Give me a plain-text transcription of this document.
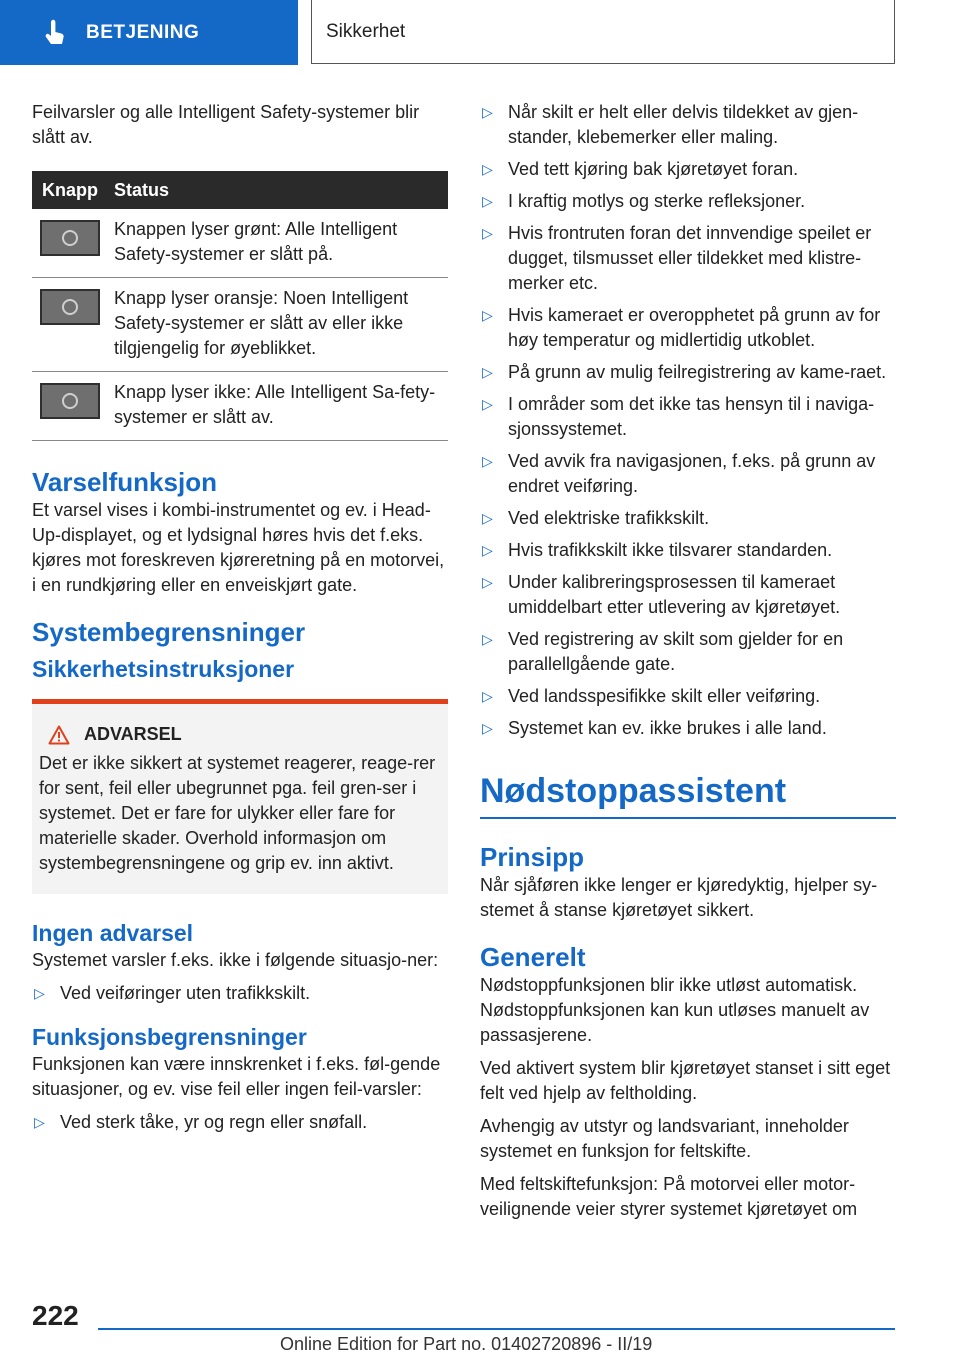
BETJENING	Sikkerhet

Feilvarsler og alle Intelligent Safety-systemer blir slått av.

Knapp	Status

	Knappen lyser grønt: Alle Intelligent Safety-systemer er slått på.

	Knapp lyser oransje: Noen Intelligent Safety-systemer er slått av eller ikke tilgjengelig for øyeblikket.

	Knapp lyser ikke: Alle Intelligent Sa-fety-systemer er slått av.
Varselfunksjon

Et varsel vises i kombi-instrumentet og ev. i Head-Up-displayet, og et lydsignal høres hvis det f.eks. kjøres mot foreskreven kjøreretning på en motorvei, i en rundkjøring eller en enveiskjørt gate.

Systembegrensninger
Sikkerhetsinstruksjoner
ADVARSEL

Det er ikke sikkert at systemet reagerer, reage-rer for sent, feil eller ubegrunnet pga. feil gren-ser i systemet. Det er fare for ulykker eller fare for materielle skader. Overhold informasjon om systembegrensningene og grip ev. inn aktivt.

Ingen advarsel

Systemet varsler f.eks. ikke i følgende situasjo-ner:

▷ Ved veiføringer uten trafikkskilt.
Funksjonsbegrensninger

Funksjonen kan være innskrenket i f.eks. føl-gende situasjoner, og ev. vise feil eller ingen feil-varsler:

▷ Ved sterk tåke, yr og regn eller snøfall.
▷ Når skilt er helt eller delvis tildekket av gjen-stander, klebemerker eller maling.
▷ Ved tett kjøring bak kjøretøyet foran.
▷ I kraftig motlys og sterke refleksjoner.
▷ Hvis frontruten foran det innvendige speilet er dugget, tilsmusset eller tildekket med klistre-merker etc.
▷ Hvis kameraet er overopphetet på grunn av for høy temperatur og midlertidig utkoblet.
▷ På grunn av mulig feilregistrering av kame-raet.
▷ I områder som det ikke tas hensyn til i naviga-sjonssystemet.
▷ Ved avvik fra navigasjonen, f.eks. på grunn av endret veiføring.
▷ Ved elektriske trafikkskilt.
▷ Hvis trafikkskilt ikke tilsvarer standarden.
▷ Under kalibreringsprosessen til kameraet umiddelbart etter utlevering av kjøretøyet.
▷ Ved registrering av skilt som gjelder for en parallellgående gate.
▷ Ved landsspesifikke skilt eller veiføring.
▷ Systemet kan ev. ikke brukes i alle land.
Nødstoppassistent
Prinsipp

Når sjåføren ikke lenger er kjøredyktig, hjelper sy-stemet å stanse kjøretøyet sikkert.

Generelt

Nødstoppfunksjonen blir ikke utløst automatisk. Nødstoppfunksjonen kan kun utløses manuelt av passasjerene.

Ved aktivert system blir kjøretøyet stanset i sitt eget felt ved hjelp av feltholding.

Avhengig av utstyr og landsvariant, inneholder systemet en funksjon for feltskifte.

Med feltskiftefunksjon: På motorvei eller motor-veilignende veier styrer systemet kjøretøyet om

222
Online Edition for Part no. 01402720896 - II/19
